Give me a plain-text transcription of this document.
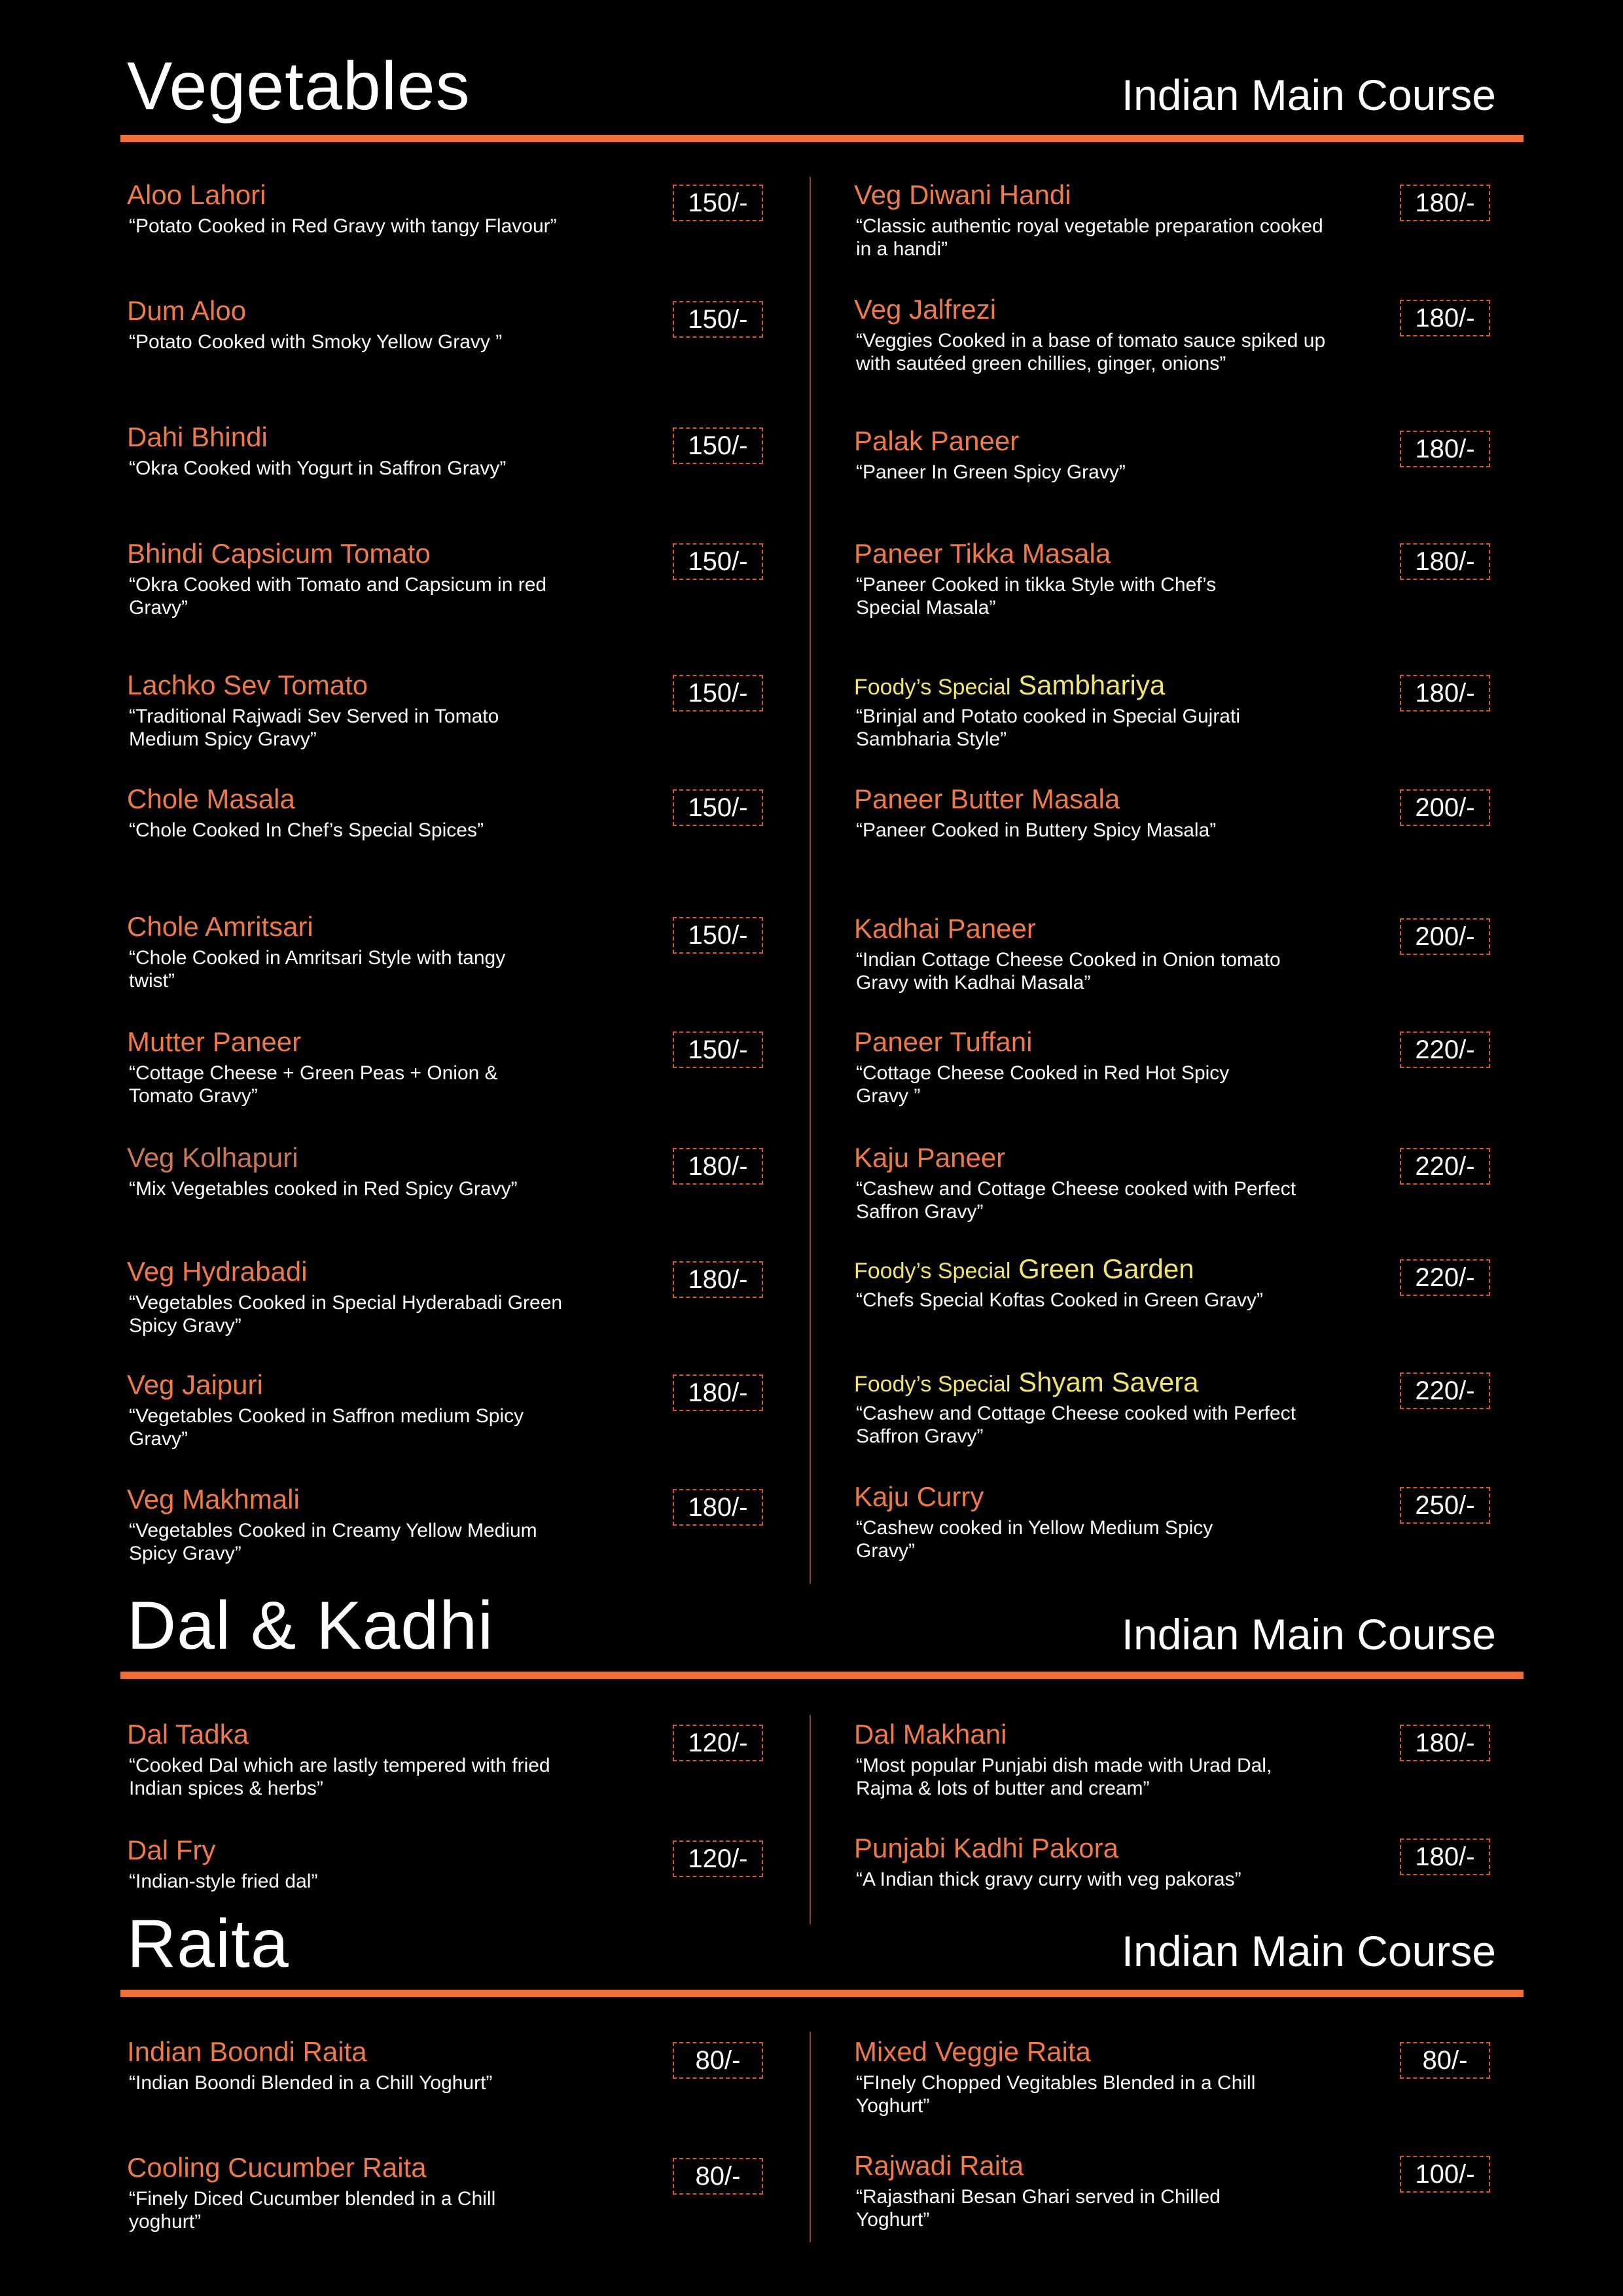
Vegetables	Indian Main Course
Dal & Kadhi	Indian Main Course
Raita	Indian Main Course
Aloo Lahori
“Potato Cooked in Red Gravy with tangy Flavour”
150/-
Dum Aloo
“Potato Cooked with Smoky Yellow Gravy ”
150/-
Dahi Bhindi
“Okra Cooked with Yogurt in Saffron Gravy”
150/-
Bhindi Capsicum Tomato
“Okra Cooked with Tomato and Capsicum in red Gravy”
150/-
Lachko Sev Tomato
“Traditional Rajwadi Sev Served in Tomato Medium Spicy Gravy”
150/-
Chole Masala
“Chole Cooked In Chef’s Special Spices”
150/-
Chole Amritsari
“Chole Cooked in Amritsari Style with tangy twist”
150/-
Mutter Paneer
“Cottage Cheese + Green Peas + Onion & Tomato Gravy”
150/-
Veg Kolhapuri
“Mix Vegetables cooked in Red Spicy Gravy”
180/-
Veg Hydrabadi
“Vegetables Cooked in Special Hyderabadi Green Spicy Gravy”
180/-
Veg Jaipuri
“Vegetables Cooked in Saffron medium Spicy Gravy”
180/-
Veg Makhmali
“Vegetables Cooked in Creamy Yellow Medium Spicy Gravy”
180/-
Veg Diwani Handi
“Classic authentic royal vegetable preparation cooked in a handi”
180/-
Veg Jalfrezi
“Veggies Cooked in a base of tomato sauce spiked up with sautéed green chillies, ginger, onions”
180/-
Palak Paneer
“Paneer In Green Spicy Gravy”
180/-
Paneer Tikka Masala
“Paneer Cooked in tikka Style with Chef’s Special Masala”
180/-
Foody’s Special Sambhariya
“Brinjal and Potato cooked in Special Gujrati Sambharia Style”
180/-
Paneer Butter Masala
“Paneer Cooked in Buttery Spicy Masala”
200/-
Kadhai Paneer
“Indian Cottage Cheese Cooked in Onion tomato Gravy with Kadhai Masala”
200/-
Paneer Tuffani
“Cottage Cheese Cooked in Red Hot Spicy Gravy ”
220/-
Kaju Paneer
“Cashew and Cottage Cheese cooked with Perfect Saffron Gravy”
220/-
Foody’s Special Green Garden
“Chefs Special Koftas Cooked in Green Gravy”
220/-
Foody’s Special Shyam Savera
“Cashew and Cottage Cheese cooked with Perfect Saffron Gravy”
220/-
Kaju Curry
“Cashew cooked in Yellow Medium Spicy Gravy”
250/-
Dal Tadka
“Cooked Dal which are lastly tempered with fried Indian spices & herbs”
120/-
Dal Fry
“Indian-style fried dal”
120/-
Dal Makhani
“Most popular Punjabi dish made with Urad Dal, Rajma & lots of butter and cream”
180/-
Punjabi Kadhi Pakora
“A Indian thick gravy curry with veg pakoras”
180/-
Indian Boondi Raita
“Indian Boondi Blended in a Chill Yoghurt”
80/-
Cooling Cucumber Raita
“Finely Diced Cucumber blended in a Chill yoghurt”
80/-
Mixed Veggie Raita
“FInely Chopped Vegitables Blended in a Chill Yoghurt”
80/-
Rajwadi Raita
“Rajasthani Besan Ghari served in Chilled Yoghurt”
100/-
